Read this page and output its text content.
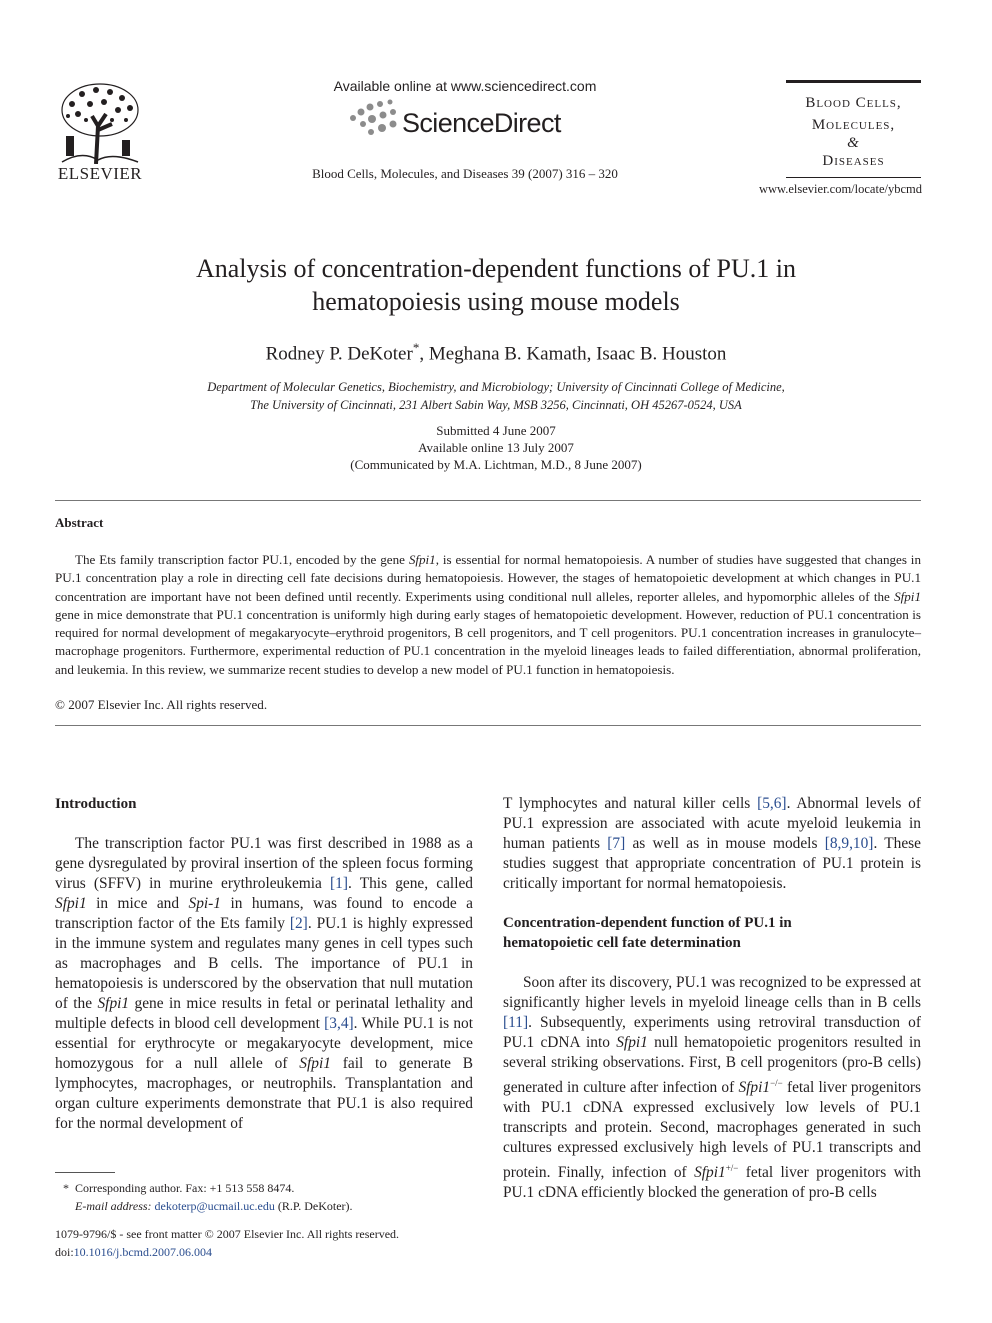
ELSEVIER
Available online at www.sciencedirect.com
ScienceDirect
Blood Cells, Molecules, and Diseases 39 (2007) 316 – 320
Blood Cells,
Molecules,
&
Diseases
www.elsevier.com/locate/ybcmd
Analysis of concentration-dependent functions of PU.1 in
hematopoiesis using mouse models
Rodney P. DeKoter*, Meghana B. Kamath, Isaac B. Houston
Department of Molecular Genetics, Biochemistry, and Microbiology; University of Cincinnati College of Medicine,
The University of Cincinnati, 231 Albert Sabin Way, MSB 3256, Cincinnati, OH 45267-0524, USA
Submitted 4 June 2007
Available online 13 July 2007
(Communicated by M.A. Lichtman, M.D., 8 June 2007)
Abstract

The Ets family transcription factor PU.1, encoded by the gene Sfpi1, is essential for normal hematopoiesis. A number of studies have suggested that changes in PU.1 concentration play a role in directing cell fate decisions during hematopoiesis. However, the stages of hematopoietic development at which changes in PU.1 concentration are important have not been defined until recently. Experiments using conditional null alleles, reporter alleles, and hypomorphic alleles of the Sfpi1 gene in mice demonstrate that PU.1 concentration is uniformly high during early stages of hematopoietic development. However, reduction of PU.1 concentration is required for normal development of megakaryocyte–erythroid progenitors, B cell progenitors, and T cell progenitors. PU.1 concentration increases in granulocyte–macrophage progenitors. Furthermore, experimental reduction of PU.1 concentration in the myeloid lineages leads to failed differentiation, abnormal proliferation, and leukemia. In this review, we summarize recent studies to develop a new model of PU.1 function in hematopoiesis.

© 2007 Elsevier Inc. All rights reserved.
Introduction

The transcription factor PU.1 was first described in 1988 as a gene dysregulated by proviral insertion of the spleen focus forming virus (SFFV) in murine erythroleukemia [1]. This gene, called Sfpi1 in mice and Spi-1 in humans, was found to encode a transcription factor of the Ets family [2]. PU.1 is highly expressed in the immune system and regulates many genes in cell types such as macrophages and B cells. The importance of PU.1 in hematopoiesis is underscored by the observation that null mutation of the Sfpi1 gene in mice results in fetal or perinatal lethality and multiple defects in blood cell development [3,4]. While PU.1 is not essential for erythrocyte or megakaryocyte development, mice homozygous for a null allele of Sfpi1 fail to generate B lymphocytes, macrophages, or neutrophils. Transplantation and organ culture experiments demonstrate that PU.1 is also required for the normal development of

T lymphocytes and natural killer cells [5,6]. Abnormal levels of PU.1 expression are associated with acute myeloid leukemia in human patients [7] as well as in mouse models [8,9,10]. These studies suggest that appropriate concentration of PU.1 protein is critically important for normal hematopoiesis.

Concentration-dependent function of PU.1 in
hematopoietic cell fate determination

Soon after its discovery, PU.1 was recognized to be expressed at significantly higher levels in myeloid lineage cells than in B cells [11]. Subsequently, experiments using retroviral transduction of PU.1 cDNA into Sfpi1 null hematopoietic progenitors resulted in several striking observations. First, B cell progenitors (pro-B cells) generated in culture after infection of Sfpi1−/− fetal liver progenitors with PU.1 cDNA expressed exclusively low levels of PU.1 transcripts and protein. Second, macrophages generated in such cultures expressed exclusively high levels of PU.1 transcripts and protein. Finally, infection of Sfpi1+/− fetal liver progenitors with PU.1 cDNA efficiently blocked the generation of pro-B cells

* Corresponding author. Fax: +1 513 558 8474.
E-mail address: dekoterp@ucmail.uc.edu (R.P. DeKoter).
1079-9796/$ - see front matter © 2007 Elsevier Inc. All rights reserved.
doi:10.1016/j.bcmd.2007.06.004
